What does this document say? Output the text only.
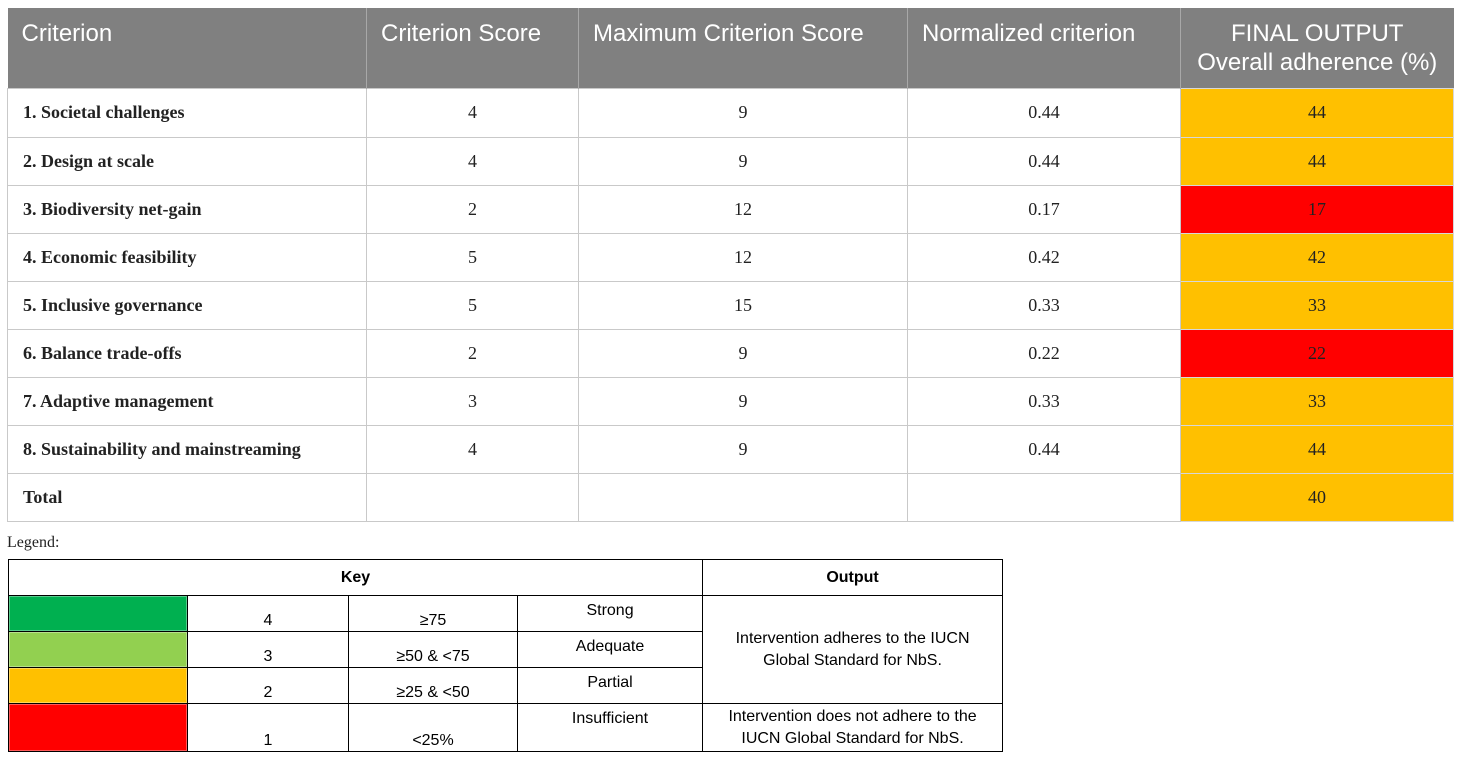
Criterion	Criterion Score	Maximum Criterion Score	Normalized criterion	FINAL OUTPUT
Overall adherence (%)
1. Societal challenges	4	9	0.44	44
2. Design at scale	4	9	0.44	44
3. Biodiversity net-gain	2	12	0.17	17
4. Economic feasibility	5	12	0.42	42
5. Inclusive governance	5	15	0.33	33
6. Balance trade-offs	2	9	0.22	22
7. Adaptive management	3	9	0.33	33
8. Sustainability and mainstreaming	4	9	0.44	44
Total				40
Legend:
Key				Output

	4	≥75	Strong	Intervention adheres to the IUCN Global Standard for NbS.

	3	≥50 & <75	Adequate	

	2	≥25 & <50	Partial	

	1	<25%	Insufficient	Intervention does not adhere to the IUCN Global Standard for NbS.
